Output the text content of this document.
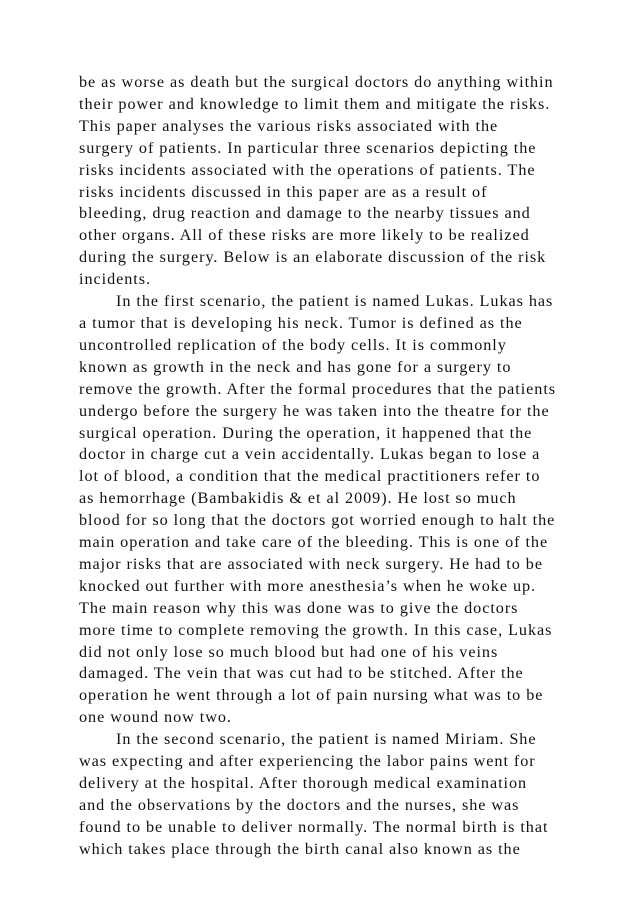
be as worse as death but the surgical doctors do anything within
their power and knowledge to limit them and mitigate the risks.
This paper analyses the various risks associated with the
surgery of patients. In particular three scenarios depicting the
risks incidents associated with the operations of patients. The
risks incidents discussed in this paper are as a result of
bleeding, drug reaction and damage to the nearby tissues and
other organs. All of these risks are more likely to be realized
during the surgery. Below is an elaborate discussion of the risk
incidents.
In the first scenario, the patient is named Lukas. Lukas has
a tumor that is developing his neck. Tumor is defined as the
uncontrolled replication of the body cells. It is commonly
known as growth in the neck and has gone for a surgery to
remove the growth. After the formal procedures that the patients
undergo before the surgery he was taken into the theatre for the
surgical operation. During the operation, it happened that the
doctor in charge cut a vein accidentally. Lukas began to lose a
lot of blood, a condition that the medical practitioners refer to
as hemorrhage (Bambakidis & et al 2009). He lost so much
blood for so long that the doctors got worried enough to halt the
main operation and take care of the bleeding. This is one of the
major risks that are associated with neck surgery. He had to be
knocked out further with more anesthesia’s when he woke up.
The main reason why this was done was to give the doctors
more time to complete removing the growth. In this case, Lukas
did not only lose so much blood but had one of his veins
damaged. The vein that was cut had to be stitched. After the
operation he went through a lot of pain nursing what was to be
one wound now two.
In the second scenario, the patient is named Miriam. She
was expecting and after experiencing the labor pains went for
delivery at the hospital. After thorough medical examination
and the observations by the doctors and the nurses, she was
found to be unable to deliver normally. The normal birth is that
which takes place through the birth canal also known as the
